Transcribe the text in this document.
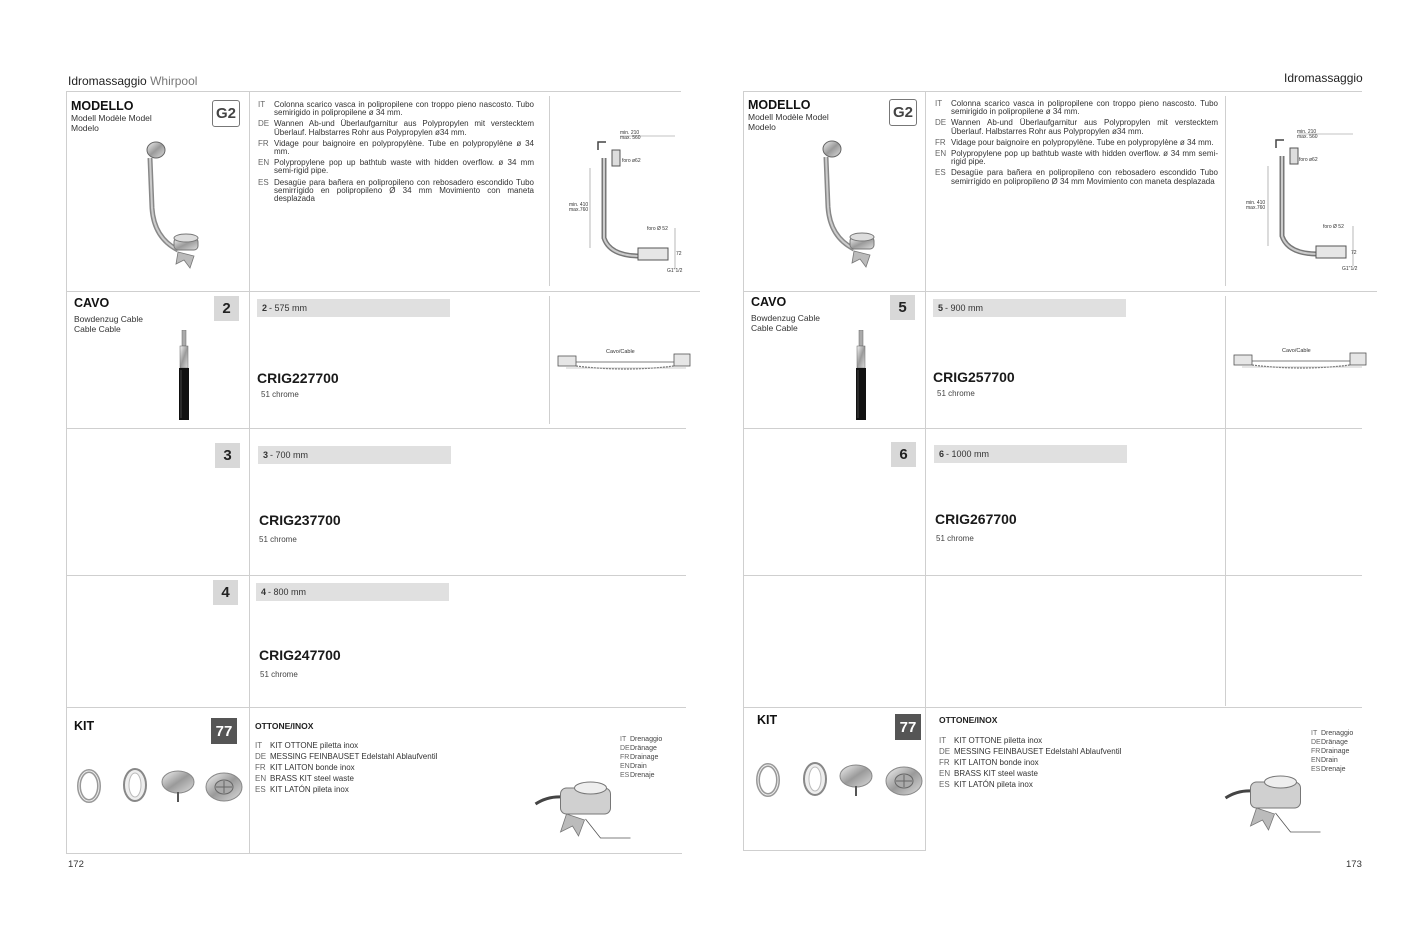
Idromassaggio Whirpool
MODELLO
Modell Modèle Model
Modelo
G2
IT	Colonna scarico vasca in polipropilene con troppo pieno nascosto. Tubo semirigido in polipropilene ø 34 mm.
DE Wannen Ab-und Überlaufgarnitur aus Polypropylen mit verstecktem Überlauf. Halbstarres Rohr aus Polypropylen ø34 mm.
FR Vidage pour baignoire en polypropylène. Tube en polypropylène ø 34 mm.
EN Polypropylene pop up bathtub waste with hidden overflow. ø 34 mm semi-rigid pipe.
ES Desagüe para bañera en polipropileno con rebosadero escondido Tubo semirrígido en polipropileno Ø 34 mm Movimiento con maneta desplazada
min. 210
max. 560
foro ø62
min. 410
max.760
foro Ø 52
72
G1"1/2
CAVO
Bowdenzug Cable
Cable Cable
Cavo/Cable
2	2 - 575 mm
CRIG227700
51 chrome
3	3 - 700 mm
CRIG237700
51 chrome
4	4 - 800 mm
CRIG247700
51 chrome
KIT	77	OTTONE/INOX
IT KIT OTTONE piletta inox
DE MESSING FEINBAUSET Edelstahl Ablaufventil
FR KIT LAITON bonde inox
EN BRASS KIT steel waste
ES KIT LATÓN pileta inox
IT Drenaggio
DEDränage
FRDrainage
ENDrain
ESDrenaje
172
Idromassaggio
MODELLO
Modell Modèle Model
Modelo
G2
IT	Colonna scarico vasca in polipropilene con troppo pieno nascosto. Tubo semirigido in polipropilene ø 34 mm.
DE Wannen Ab-und Überlaufgarnitur aus Polypropylen mit verstecktem Überlauf. Halbstarres Rohr aus Polypropylen ø34 mm.
FR Vidage pour baignoire en polypropylène. Tube en polypropylène ø 34 mm.
EN Polypropylene pop up bathtub waste with hidden overflow. ø 34 mm semi-rigid pipe.
ES Desagüe para bañera en polipropileno con rebosadero escondido Tubo semirrígido en polipropileno Ø 34 mm Movimiento con maneta desplazada
min. 210
max. 560
foro ø62
min. 410
max.760
foro Ø 52
72
G1"1/2
CAVO
Bowdenzug Cable
Cable Cable
Cavo/Cable
5	5 - 900 mm
CRIG257700
51 chrome
6	6 - 1000 mm
CRIG267700
51 chrome
KIT	77	OTTONE/INOX
IT KIT OTTONE piletta inox
DE MESSING FEINBAUSET Edelstahl Ablaufventil
FR KIT LAITON bonde inox
EN BRASS KIT steel waste
ES KIT LATÓN pileta inox
IT Drenaggio
DEDränage
FRDrainage
ENDrain
ESDrenaje
173
